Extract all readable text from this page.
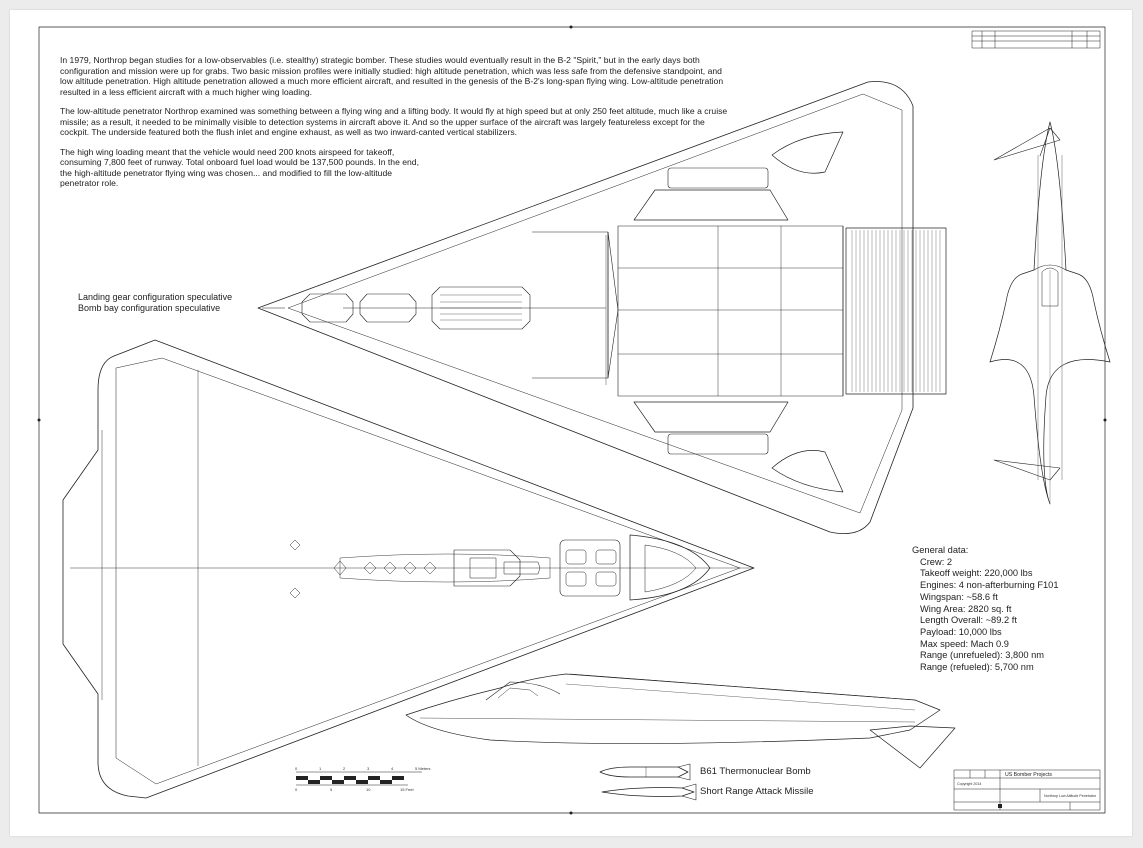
0	1	2	3	4	5 Meters
0	5	10	15 Feet
US Bomber Projects
Northrop Low Altitude Penetrator
Copyright 2014

In 1979, Northrop began studies for a low-observables (i.e. stealthy) strategic bomber. These studies would eventually result in the B-2 "Spirit," but in the early days both configuration and mission were up for grabs. Two basic mission profiles were initially studied: high altitude penetration, which was less safe from the defensive standpoint, and low altitude penetration. High altitude penetration allowed a much more efficient aircraft, and resulted in the genesis of the B-2's long-span flying wing. Low-altitude penetration resulted in a less efficient aircraft with a much higher wing loading.

The low-altitude penetrator Northrop examined was something between a flying wing and a lifting body. It would fly at high speed but at only 250 feet altitude, much like a cruise missile; as a result, it needed to be minimally visible to detection systems in aircraft above it. And so the upper surface of the aircraft was largely featureless except for the cockpit. The underside featured both the flush inlet and engine exhaust, as well as two inward-canted vertical stabilizers.

The high wing loading meant that the vehicle would need 200 knots airspeed for takeoff, consuming 7,800 feet of runway. Total onboard fuel load would be 137,500 pounds. In the end, the high-altitude penetrator flying wing was chosen... and modified to fill the low-altitude penetrator role.

Landing gear configuration speculative
Bomb bay configuration speculative
General data:
Crew: 2
Takeoff weight: 220,000 lbs
Engines: 4 non-afterburning F101
Wingspan: ~58.6 ft
Wing Area: 2820 sq. ft
Length Overall: ~89.2 ft
Payload: 10,000 lbs
Max speed: Mach 0.9
Range (unrefueled): 3,800 nm
Range (refueled): 5,700 nm
B61 Thermonuclear Bomb
Short Range Attack Missile
